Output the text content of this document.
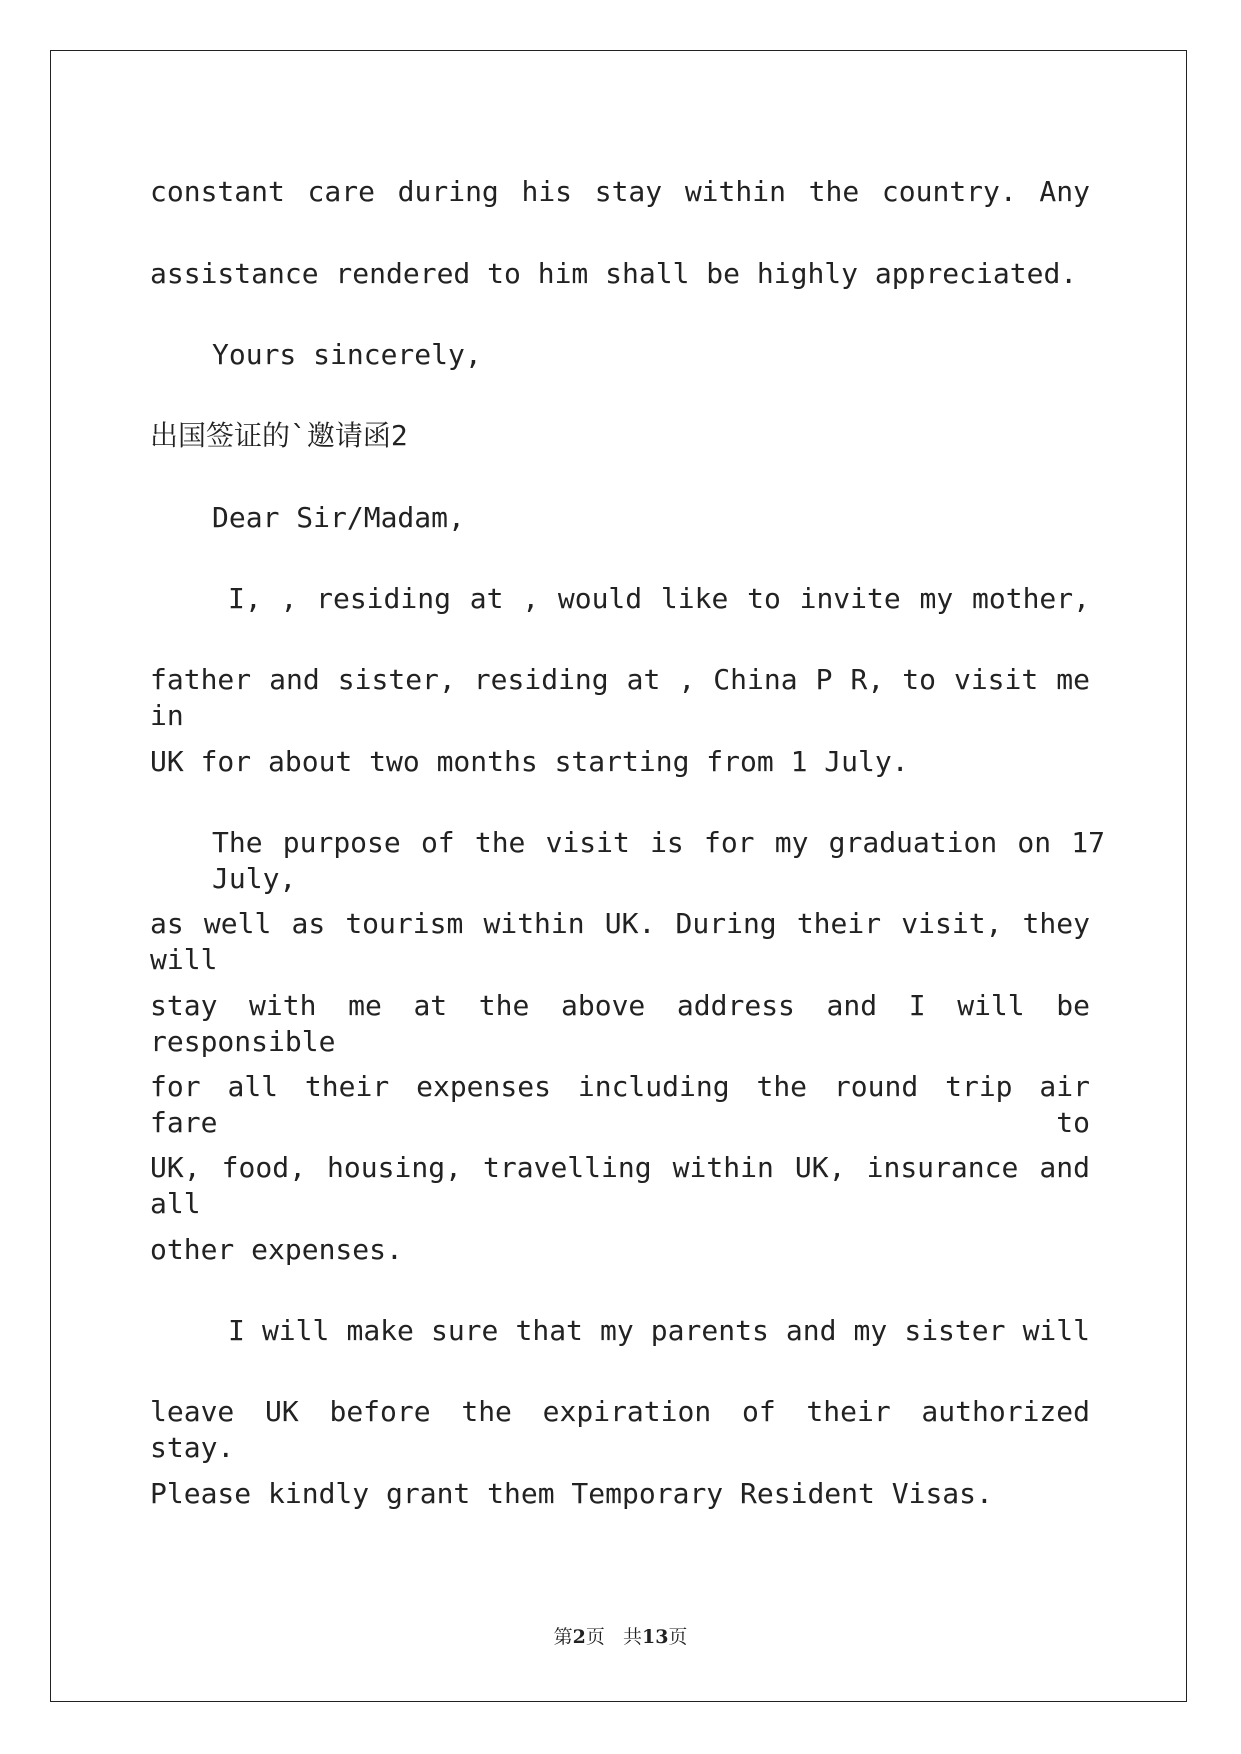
constant care during his stay within the country. Any
assistance rendered to him shall be highly appreciated.
Yours sincerely,
出国签证的`邀请函2
Dear Sir/Madam,
I, , residing at , would like to invite my mother,
father and sister, residing at , China P R, to visit me in
UK for about two months starting from 1 July.
The purpose of the visit is for my graduation on 17 July,
as well as tourism within UK. During their visit, they will
stay with me at the above address and I will be responsible
for all their expenses including the round trip air fare to
UK, food, housing, travelling within UK, insurance and all
other expenses.
I will make sure that my parents and my sister will
leave UK before the expiration of their authorized stay.
Please kindly grant them Temporary Resident Visas.
第2页 共13页
